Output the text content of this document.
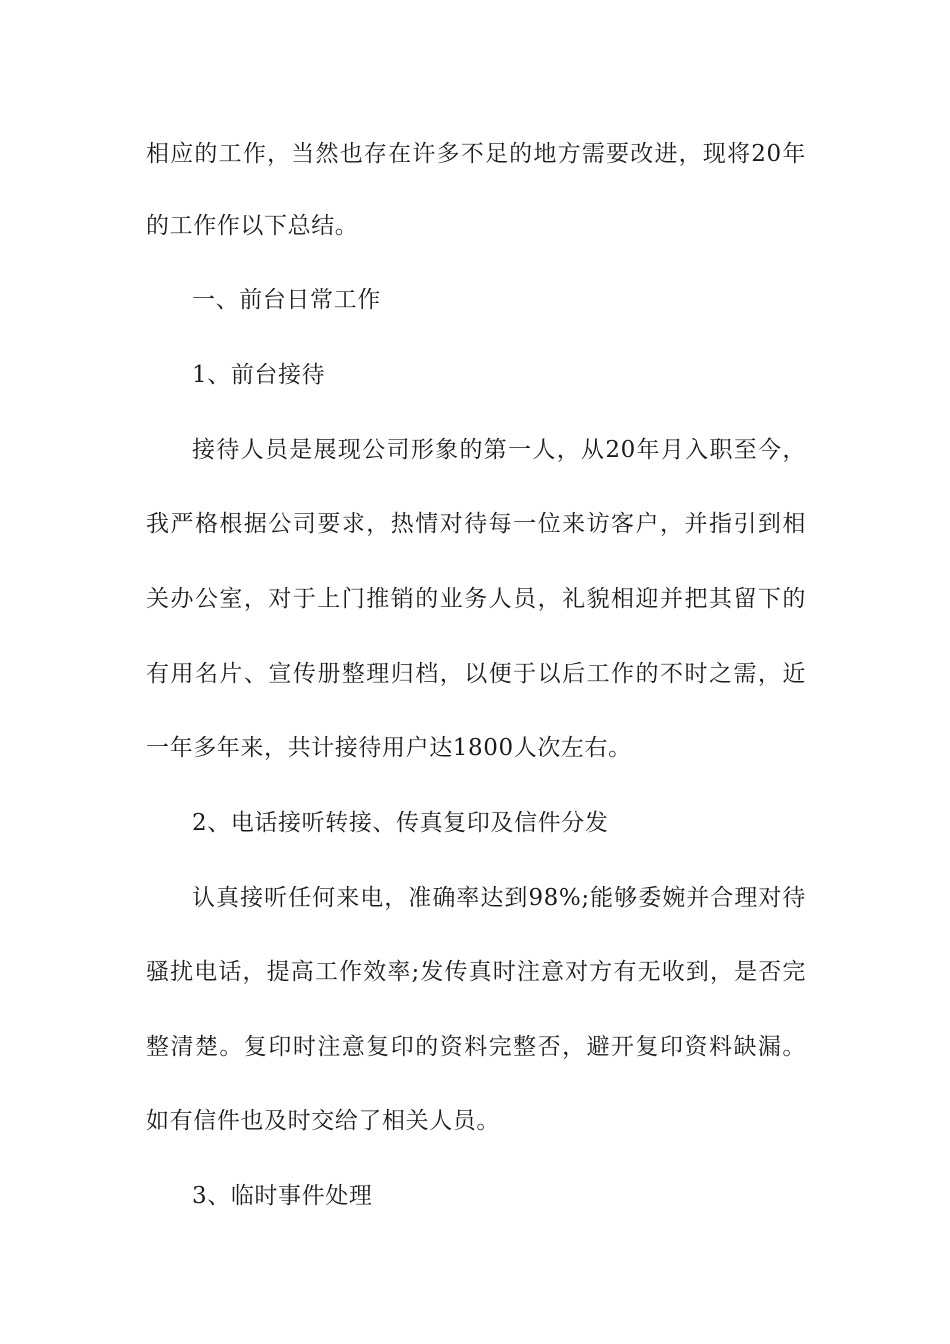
相应的工作，当然也存在许多不足的地方需要改进，现将20年
的工作作以下总结。
一、前台日常工作
1、前台接待
接待人员是展现公司形象的第一人，从20年月入职至今，
我严格根据公司要求，热情对待每一位来访客户，并指引到相
关办公室，对于上门推销的业务人员，礼貌相迎并把其留下的
有用名片、宣传册整理归档，以便于以后工作的不时之需，近
一年多年来，共计接待用户达1800人次左右。
2、电话接听转接、传真复印及信件分发
认真接听任何来电，准确率达到98%;能够委婉并合理对待
骚扰电话，提高工作效率;发传真时注意对方有无收到，是否完
整清楚。复印时注意复印的资料完整否，避开复印资料缺漏。
如有信件也及时交给了相关人员。
3、临时事件处理
